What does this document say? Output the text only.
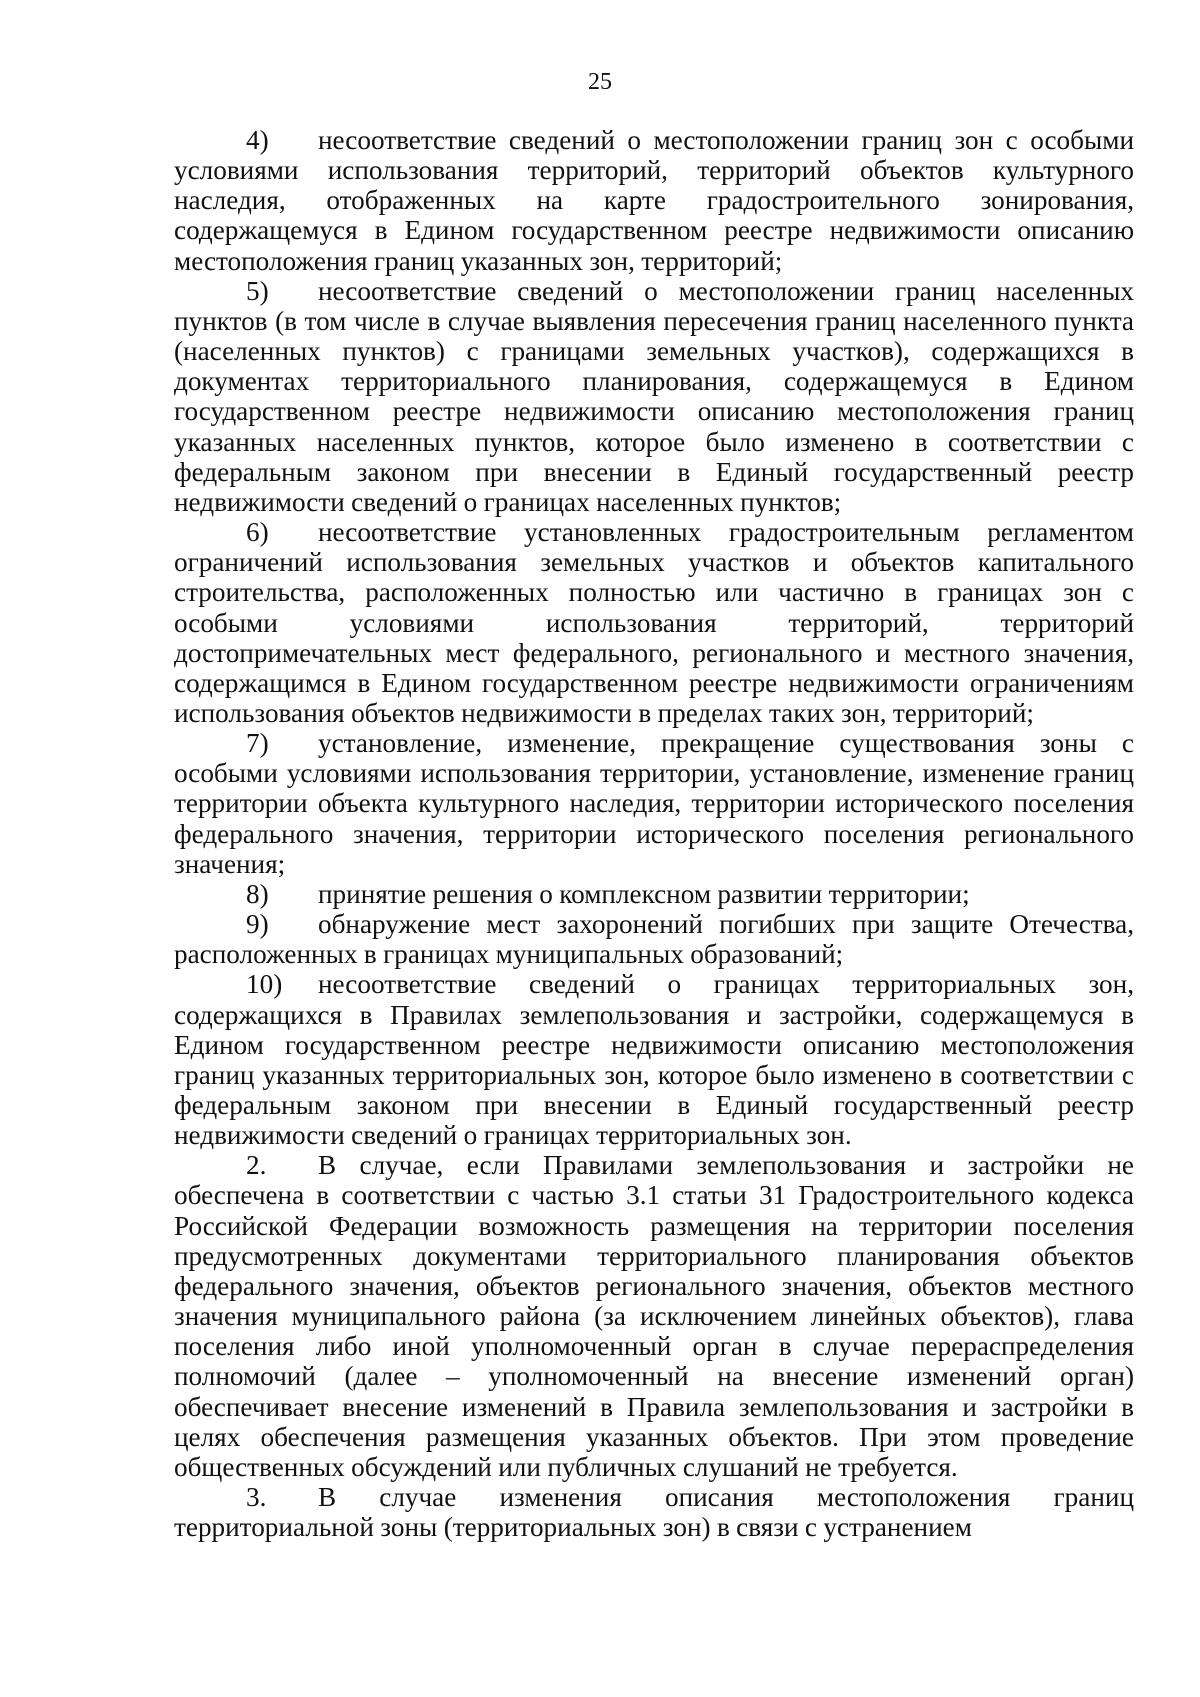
25

4) несоответствие сведений о местоположении границ зон с особыми условиями использования территорий, территорий объектов культурного наследия, отображенных на карте градостроительного зонирования, содержащемуся в Едином государственном реестре недвижимости описанию местоположения границ указанных зон, территорий;

5) несоответствие сведений о местоположении границ населенных пунктов (в том числе в случае выявления пересечения границ населенного пункта (населенных пунктов) с границами земельных участков), содержащихся в документах территориального планирования, содержащемуся в Едином государственном реестре недвижимости описанию местоположения границ указанных населенных пунктов, которое было изменено в соответствии с федеральным законом при внесении в Единый государственный реестр недвижимости сведений о границах населенных пунктов;

6) несоответствие установленных градостроительным регламентом ограничений использования земельных участков и объектов капитального строительства, расположенных полностью или частично в границах зон с особыми условиями использования территорий, территорий достопримечательных мест федерального, регионального и местного значения, содержащимся в Едином государственном реестре недвижимости ограничениям использования объектов недвижимости в пределах таких зон, территорий;

7) установление, изменение, прекращение существования зоны с особыми условиями использования территории, установление, изменение границ территории объекта культурного наследия, территории исторического поселения федерального значения, территории исторического поселения регионального значения;

8) принятие решения о комплексном развитии территории;

9) обнаружение мест захоронений погибших при защите Отечества, расположенных в границах муниципальных образований;

10) несоответствие сведений о границах территориальных зон, содержащихся в Правилах землепользования и застройки, содержащемуся в Едином государственном реестре недвижимости описанию местоположения границ указанных территориальных зон, которое было изменено в соответствии с федеральным законом при внесении в Единый государственный реестр недвижимости сведений о границах территориальных зон.

2. В случае, если Правилами землепользования и застройки не обеспечена в соответствии с частью 3.1 статьи 31 Градостроительного кодекса Российской Федерации возможность размещения на территории поселения предусмотренных документами территориального планирования объектов федерального значения, объектов регионального значения, объектов местного значения муниципального района (за исключением линейных объектов), глава поселения либо иной уполномоченный орган в случае перераспределения полномочий (далее – уполномоченный на внесение изменений орган) обеспечивает внесение изменений в Правила землепользования и застройки в целях обеспечения размещения указанных объектов. При этом проведение общественных обсуждений или публичных слушаний не требуется.

3. В случае изменения описания местоположения границ территориальной зоны (территориальных зон) в связи с устранением
